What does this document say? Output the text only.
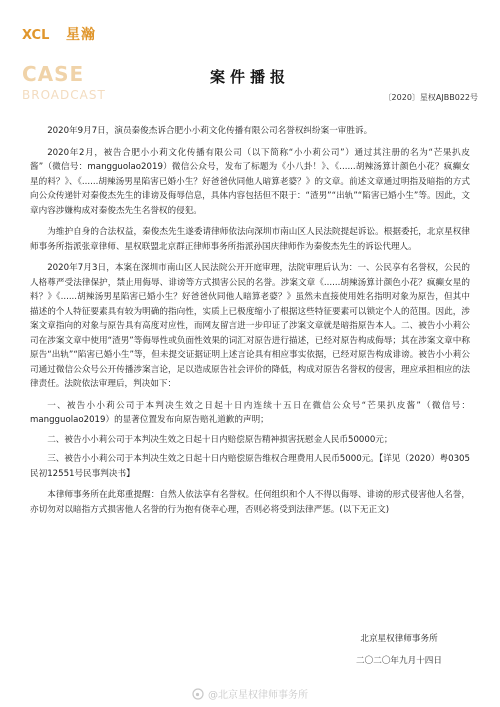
XCL 星瀚
CASE
BROADCAST
案件播报
〔2020〕星权AJBB022号

2020年9月7日，演员秦俊杰诉合肥小小莉文化传播有限公司名誉权纠纷案一审胜诉。

2020年2月，被告合肥小小莉文化传播有限公司（以下简称“小小莉公司”）通过其注册的名为“芒果扒皮酱”（微信号：mangguolao2019）微信公众号，发布了标题为《小八卦！》、《......胡辣汤算计颜色小花？疯癫女星的料？》、《......胡辣汤男星陷害已婚小生？好爸爸伙同他人暗算老婆？》的文章。前述文章通过明指及暗指的方式向公众传递针对秦俊杰先生的诽谤及侮辱信息，具体内容包括但不限于：“渣男”“出轨”“陷害已婚小生”等。因此，文章内容涉嫌构成对秦俊杰先生名誉权的侵犯。

为维护自身的合法权益，秦俊杰先生遂委请律师依法向深圳市南山区人民法院提起诉讼。根据委托，北京星权律师事务所指派张章律师、星权联盟北京群正律师事务所指派孙国庆律师作为秦俊杰先生的诉讼代理人。

2020年7月3日，本案在深圳市南山区人民法院公开开庭审理，法院审理后认为：一、公民享有名誉权，公民的人格尊严受法律保护，禁止用侮辱、诽谤等方式损害公民的名誉。涉案文章《......胡辣汤算计颜色小花？疯癫女星的料？》《......胡辣汤男星陷害已婚小生？好爸爸伙同他人暗算老婆？》虽然未直接使用姓名指明对象为原告，但其中描述的个人特征要素具有较为明确的指向性，实质上已极度缩小了根据这些特征要素可以锁定个人的范围。因此，涉案文章指向的对象与原告具有高度对应性，而网友留言进一步印证了涉案文章就是暗指原告本人。二、被告小小莉公司在涉案文章中使用“渣男”等侮辱性或负面性效果的词汇对原告进行描述，已经对原告构成侮辱；其在涉案文章中称原告“出轨”“陷害已婚小生”等，但未提交证据证明上述言论具有相应事实依据，已经对原告构成诽谤。被告小小莉公司通过微信公众号公开传播涉案言论，足以造成原告社会评价的降低，构成对原告名誉权的侵害，理应承担相应的法律责任。法院依法审理后，判决如下：

一、被告小小莉公司于本判决生效之日起十日内连续十五日在微信公众号“芒果扒皮酱”（微信号：mangguolao2019）的显著位置发布向原告赔礼道歉的声明；

二、被告小小莉公司于本判决生效之日起十日内赔偿原告精神损害抚慰金人民币50000元；

三、被告小小莉公司于本判决生效之日起十日内赔偿原告维权合理费用人民币5000元。【详见（2020）粤0305民初12551号民事判决书】

本律师事务所在此郑重提醒：自然人依法享有名誉权。任何组织和个人不得以侮辱、诽谤的形式侵害他人名誉，亦切勿对以暗指方式损害他人名誉的行为抱有侥幸心理，否则必将受到法律严惩。(以下无正文)

北京星权律师事务所
二〇二〇年九月十四日
@北京星权律师事务所
